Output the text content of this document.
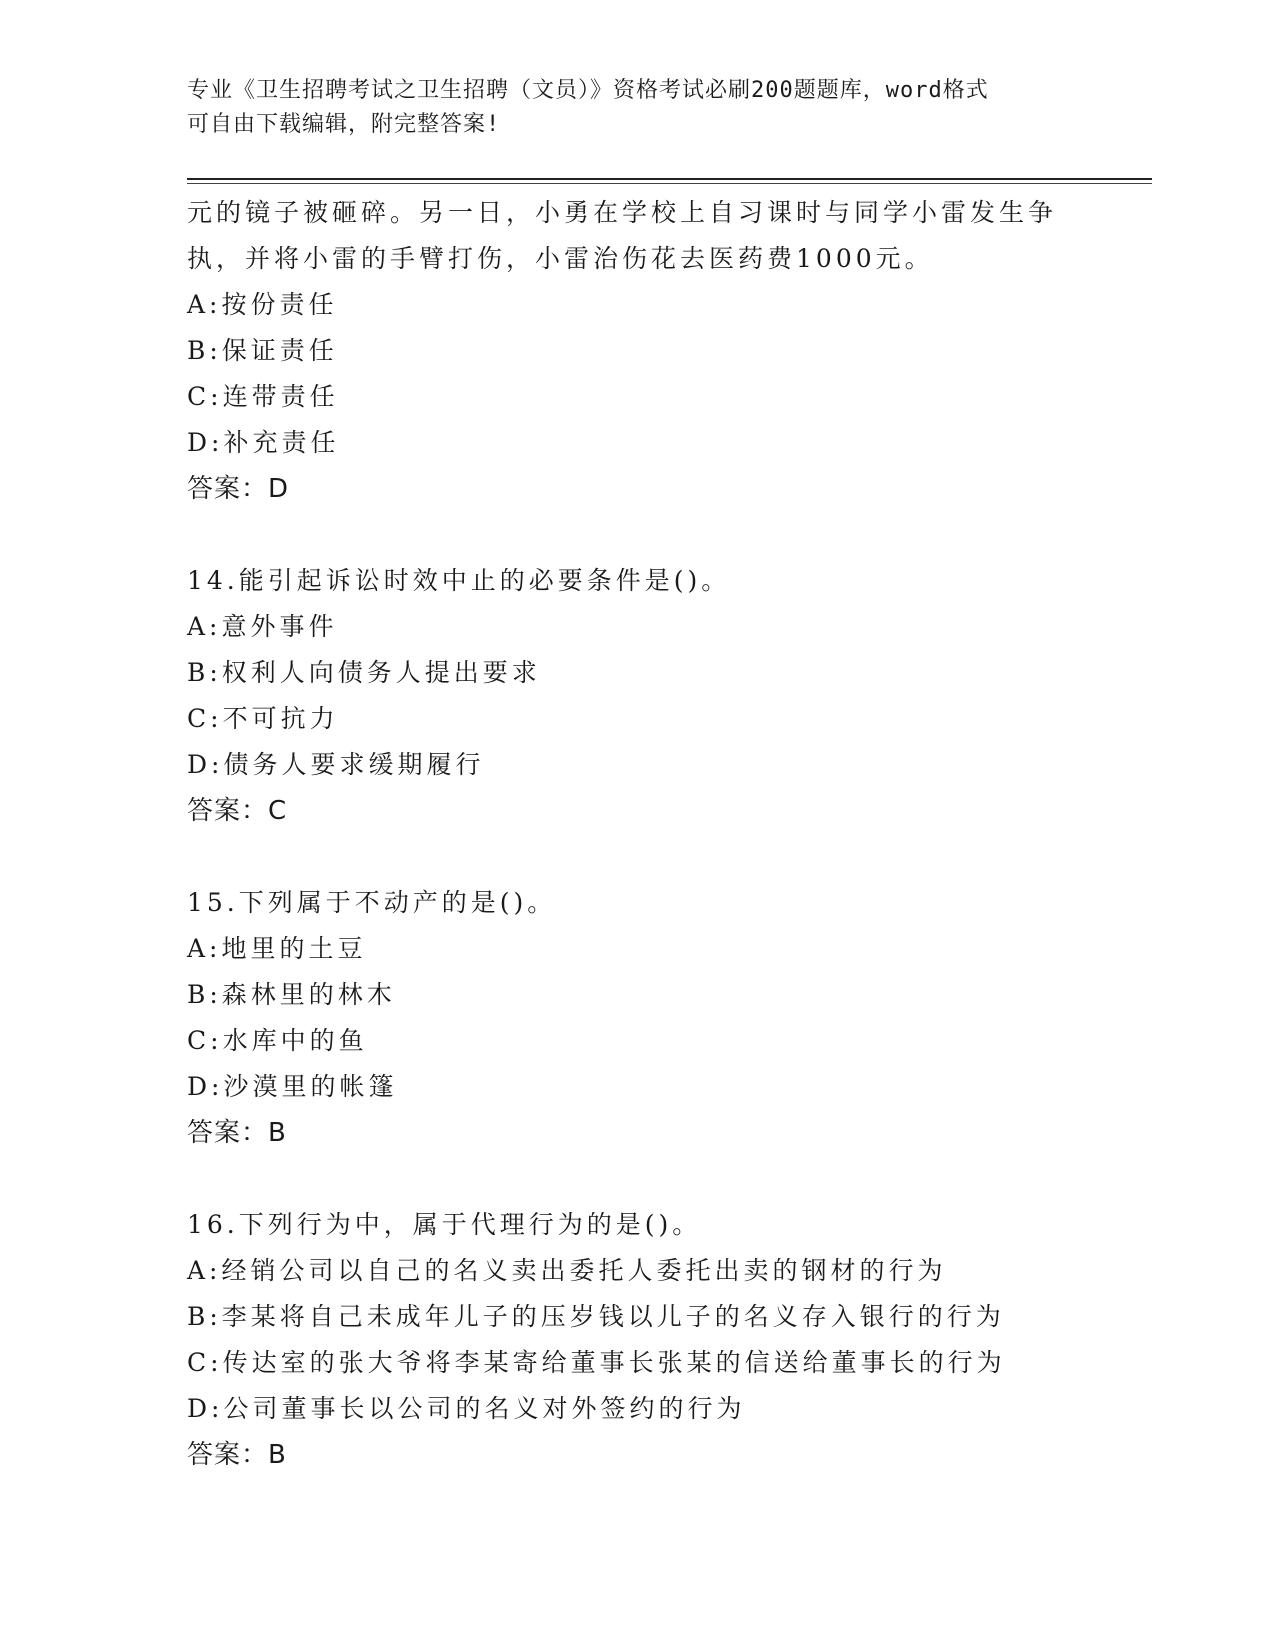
专业《卫生招聘考试之卫生招聘（文员）》资格考试必刷200题题库，word格式
可自由下载编辑，附完整答案!
元的镜子被砸碎。另一日，小勇在学校上自习课时与同学小雷发生争
执，并将小雷的手臂打伤，小雷治伤花去医药费1000元。
A:按份责任
B:保证责任
C:连带责任
D:补充责任
答案：D
14.能引起诉讼时效中止的必要条件是()。
A:意外事件
B:权利人向债务人提出要求
C:不可抗力
D:债务人要求缓期履行
答案：C
15.下列属于不动产的是()。
A:地里的土豆
B:森林里的林木
C:水库中的鱼
D:沙漠里的帐篷
答案：B
16.下列行为中，属于代理行为的是()。
A:经销公司以自己的名义卖出委托人委托出卖的钢材的行为
B:李某将自己未成年儿子的压岁钱以儿子的名义存入银行的行为
C:传达室的张大爷将李某寄给董事长张某的信送给董事长的行为
D:公司董事长以公司的名义对外签约的行为
答案：B
